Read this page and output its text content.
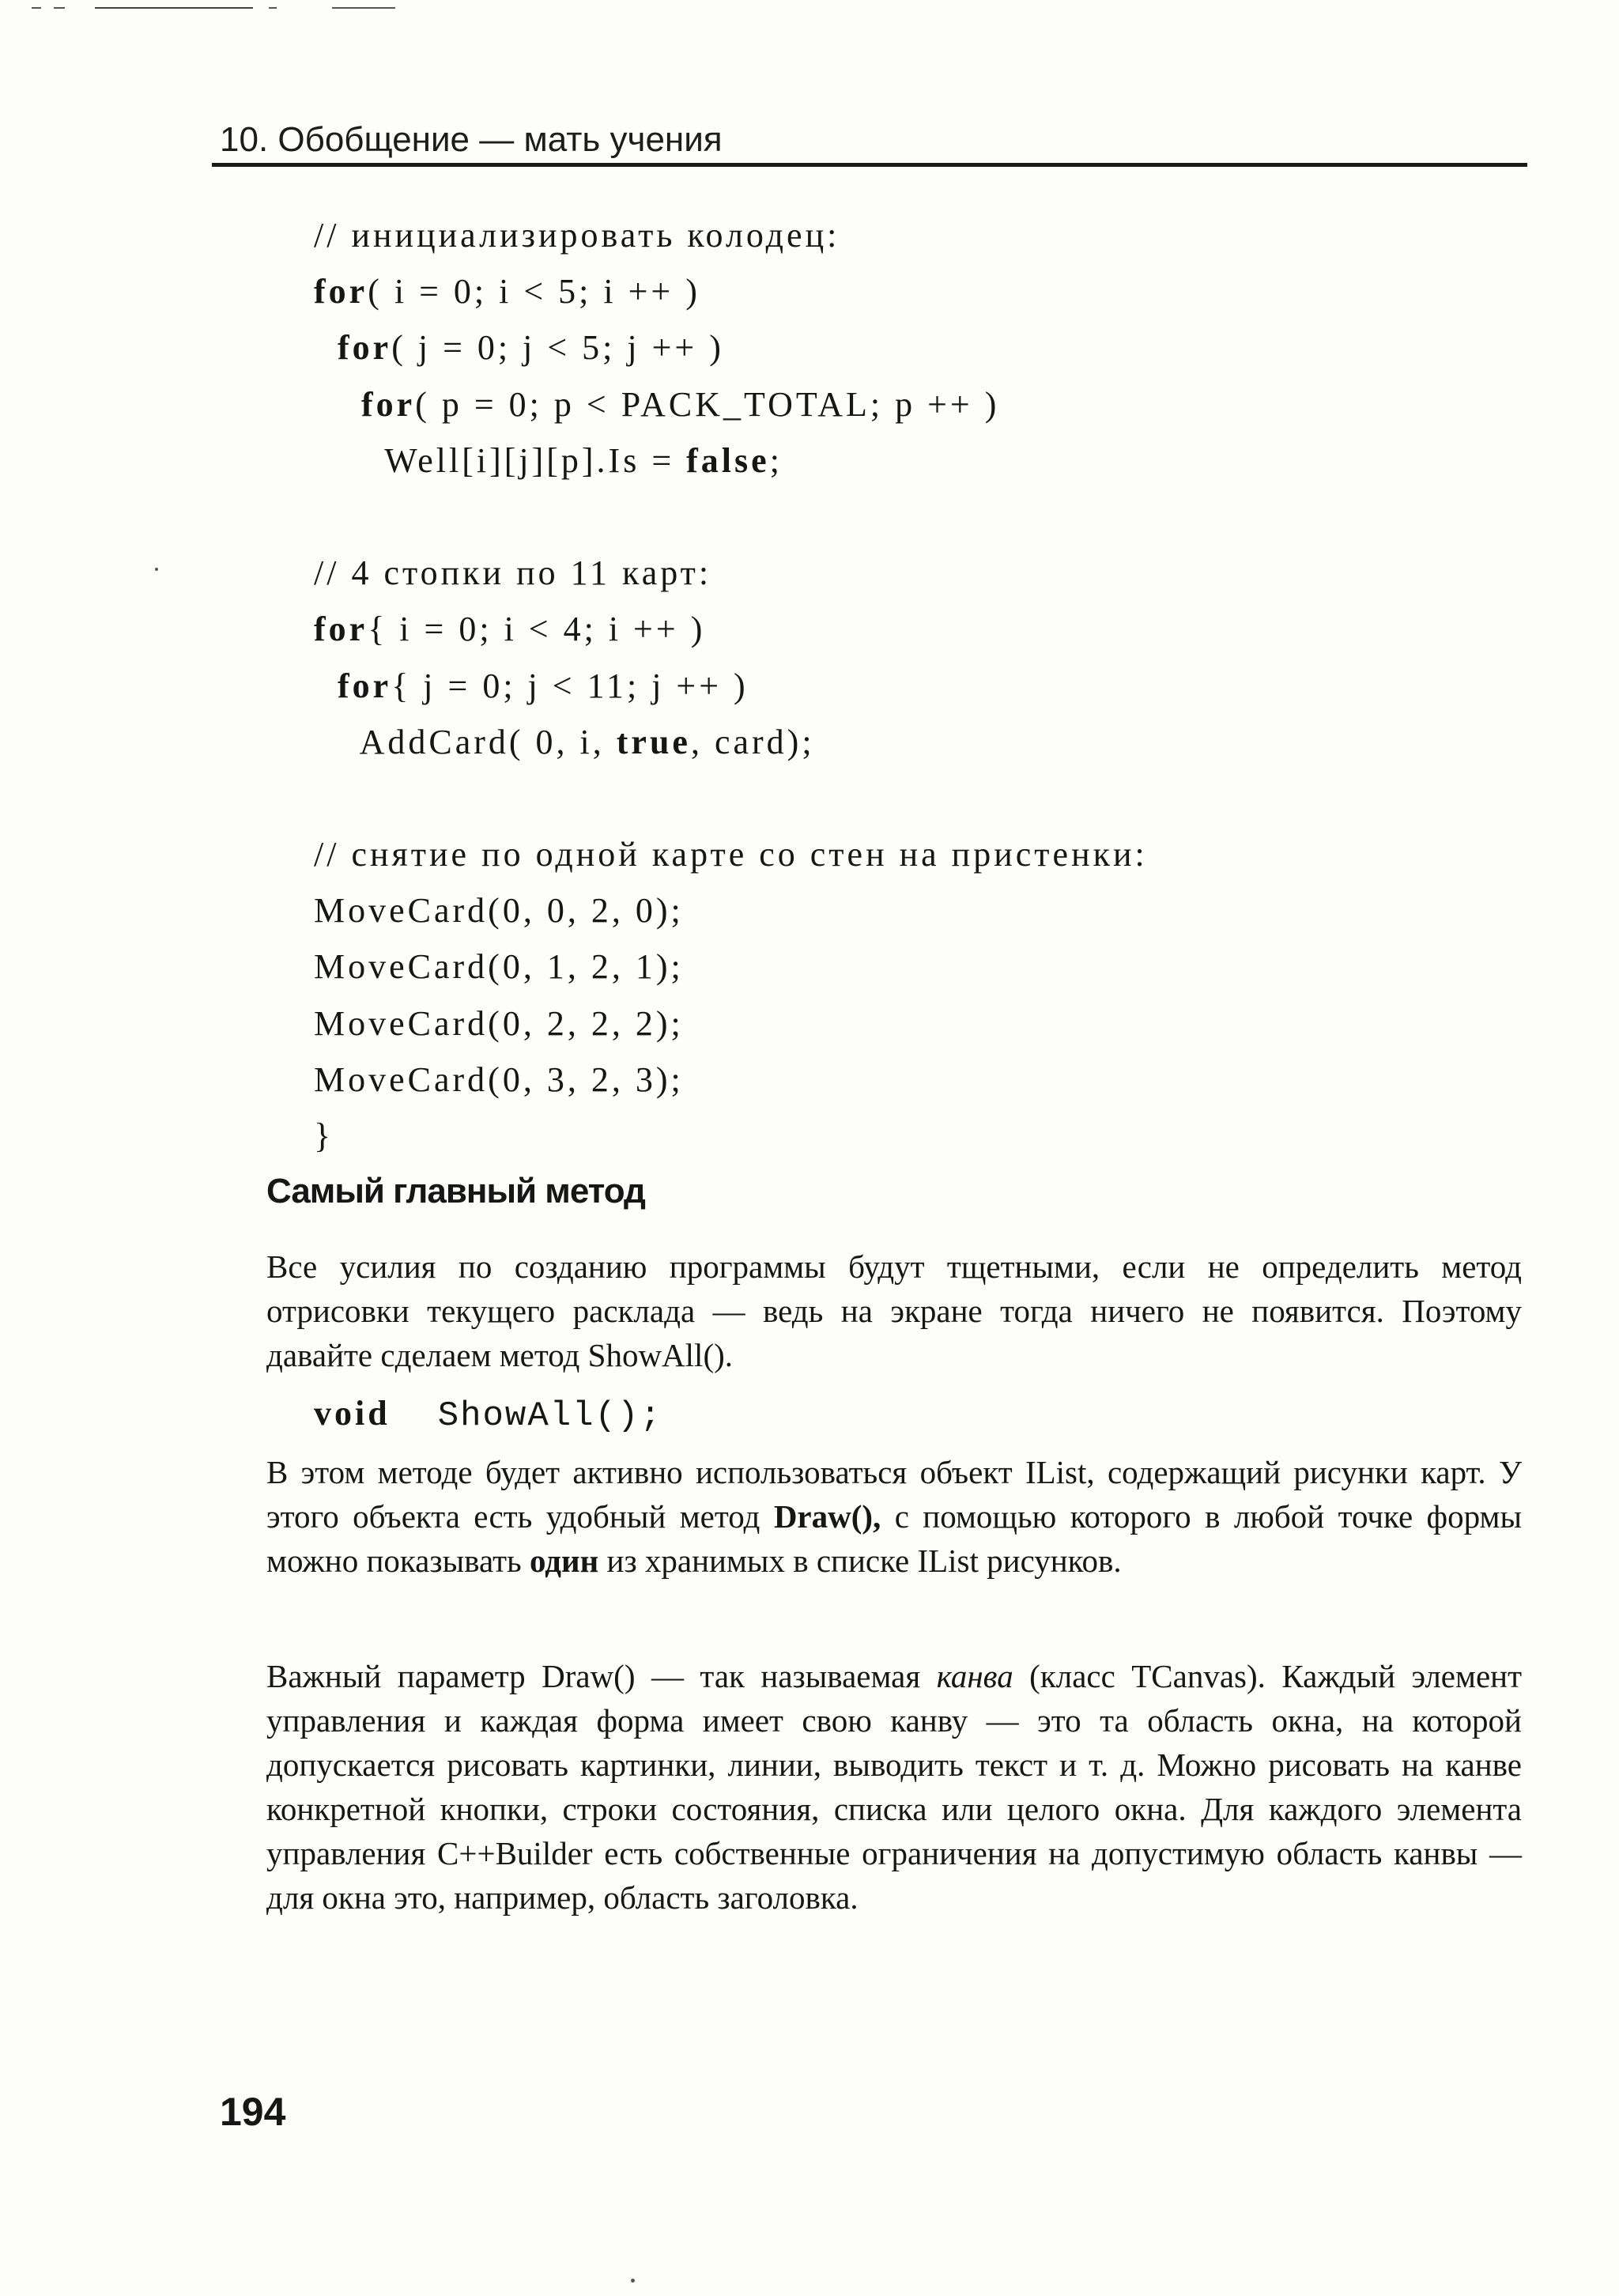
10. Обобщение — мать учения
// инициализировать колодец:
for( i = 0; i < 5; i ++ )
for( j = 0; j < 5; j ++ )
for( p = 0; p < PACK_TOTAL; p ++ )
Well[i][j][p].Is = false;
// 4 стопки по 11 карт:
for{ i = 0; i < 4; i ++ )
for{ j = 0; j < 11; j ++ )
AddCard( 0, i, true, card);
// снятие по одной карте со стен на пристенки:
MoveCard(0, 0, 2, 0);
MoveCard(0, 1, 2, 1);
MoveCard(0, 2, 2, 2);
MoveCard(0, 3, 2, 3);
}
Самый главный метод

Все усилия по созданию программы будут тщетными, если не определить метод отрисовки текущего расклада — ведь на экране тогда ничего не появится. Поэтому давайте сделаем метод ShowAll().

void ShowAll();

В этом методе будет активно использоваться объект IList, содержащий рисунки карт. У этого объекта есть удобный метод Draw(), с помощью которого в любой точке формы можно показывать один из хранимых в списке IList рисунков.

Важный параметр Draw() — так называемая канва (класс TCanvas). Каждый элемент управления и каждая форма имеет свою канву — это та область окна, на которой допускается рисовать картинки, линии, выводить текст и т. д. Можно рисовать на канве конкретной кнопки, строки состояния, списка или целого окна. Для каждого элемента управления C++Builder есть собственные ограничения на допустимую область канвы — для окна это, например, область заголовка.

194
